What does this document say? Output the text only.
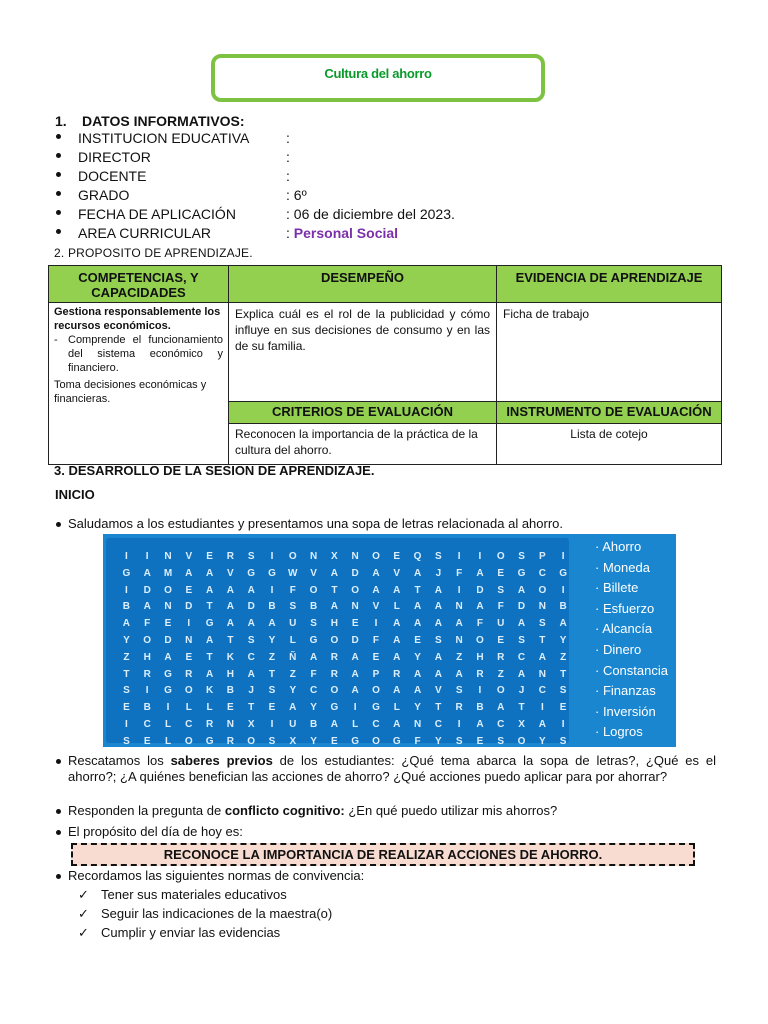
Cultura del ahorro
1. DATOS INFORMATIVOS:
INSTITUCION EDUCATIVA	:
DIRECTOR	:
DOCENTE	:
GRADO	: 6º
FECHA DE APLICACIÓN	: 06 de diciembre del 2023.
AREA CURRICULAR	: Personal Social
2. PROPOSITO DE APRENDIZAJE.
COMPETENCIAS, Y CAPACIDADES	DESEMPEÑO	EVIDENCIA DE APRENDIZAJE

Gestiona responsablemente los recursos económicos.
- Comprende el funcionamiento del sistema económico y financiero.
Toma decisiones económicas y financieras.	Explica cuál es el rol de la publicidad y cómo influye en sus decisiones de consumo y en las de su familia.	Ficha de trabajo
	CRITERIOS DE EVALUACIÓN	INSTRUMENTO DE EVALUACIÓN
	Reconocen la importancia de la práctica de la cultura del ahorro.	Lista de cotejo
3. DESARROLLO DE LA SESION DE APRENDIZAJE.
INICIO
Saludamos a los estudiantes y presentamos una sopa de letras relacionada al ahorro.
I	I	N	V	E	R	S	I	O	N	X	N	O	E	Q	S	I	I	O	S	P	I
G	A	M	A	A	V	G	G	W	V	A	D	A	V	A	J	F	A	E	G	C	G
I	D	O	E	A	A	A	I	F	O	T	O	A	A	T	A	I	D	S	A	O	I
B	A	N	D	T	A	D	B	S	B	A	N	V	L	A	A	N	A	F	D	N	B
A	F	E	I	G	A	A	A	U	S	H	E	I	A	A	A	A	F	U	A	S	A
Y	O	D	N	A	T	S	Y	L	G	O	D	F	A	E	S	N	O	E	S	T	Y
Z	H	A	E	T	K	C	Z	Ñ	A	R	A	E	A	Y	A	Z	H	R	C	A	Z
T	R	G	R	A	H	A	T	Z	F	R	A	P	R	A	A	A	R	Z	A	N	T
S	I	G	O	K	B	J	S	Y	C	O	A	O	A	A	V	S	I	O	J	C	S
E	B	I	L	L	E	T	E	A	Y	G	I	G	L	Y	T	R	B	A	T	I	E
I	C	L	C	R	N	X	I	U	B	A	L	C	A	N	C	I	A	C	X	A	I
S	E	L	O	G	R	O	S	X	Y	E	G	O	G	F	Y	S	E	S	O	Y	S
· Ahorro
· Moneda
· Billete
· Esfuerzo
· Alcancía
· Dinero
· Constancia
· Finanzas
· Inversión
· Logros
Rescatamos los saberes previos de los estudiantes: ¿Qué tema abarca la sopa de letras?, ¿Qué es el ahorro?; ¿A quiénes benefician las acciones de ahorro? ¿Qué acciones puedo aplicar para por ahorrar?
Responden la pregunta de conflicto cognitivo: ¿En qué puedo utilizar mis ahorros?
El propósito del día de hoy es:
RECONOCE LA IMPORTANCIA DE REALIZAR ACCIONES DE AHORRO.
Recordamos las siguientes normas de convivencia:
✓ Tener sus materiales educativos
✓ Seguir las indicaciones de la maestra(o)
✓ Cumplir y enviar las evidencias
